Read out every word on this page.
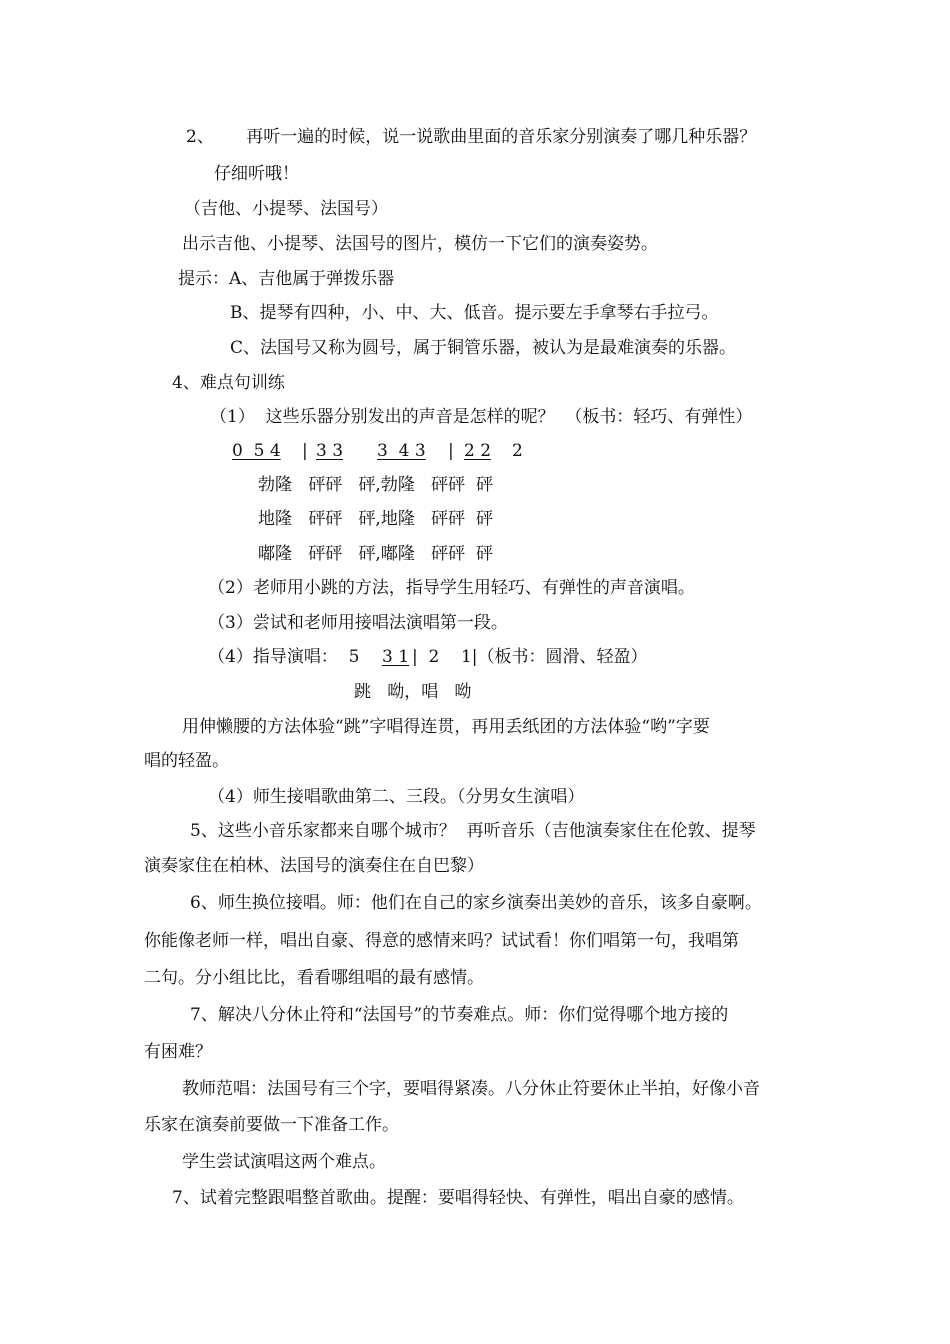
2、      再听一遍的时候，说一说歌曲里面的音乐家分别演奏了哪几种乐器？
仔细听哦！
（吉他、小提琴、法国号）
出示吉他、小提琴、法国号的图片，模仿一下它们的演奏姿势。
提示：A、吉他属于弹拨乐器
B、提琴有四种，小、中、大、低音。提示要左手拿琴右手拉弓。
C、法国号又称为圆号，属于铜管乐器，被认为是最难演奏的乐器。
4、难点句训练
（1）  这些乐器分别发出的声音是怎样的呢？  （板书：轻巧、有弹性）
0  5 4 | 3 3 3  4 3 | 2 2 2
勃隆   砰砰   砰,勃隆   砰砰  砰
地隆   砰砰   砰,地隆   砰砰  砰
嘟隆   砰砰   砰,嘟隆   砰砰  砰
（2）老师用小跳的方法，指导学生用轻巧、有弹性的声音演唱。
（3）尝试和老师用接唱法演唱第一段。
（4）指导演唱：  5 3 1 |  2    1|（板书：圆滑、轻盈）
跳   呦，唱   呦
用伸懒腰的方法体验“跳”字唱得连贯，再用丢纸团的方法体验“哟”字要
唱的轻盈。
（4）师生接唱歌曲第二、三段。（分男女生演唱）
5、这些小音乐家都来自哪个城市？  再听音乐（吉他演奏家住在伦敦、提琴
演奏家住在柏林、法国号的演奏住在自巴黎）
6、师生换位接唱。师：他们在自己的家乡演奏出美妙的音乐，该多自豪啊。
你能像老师一样，唱出自豪、得意的感情来吗？试试看！你们唱第一句，我唱第
二句。分小组比比，看看哪组唱的最有感情。
7、解决八分休止符和“法国号”的节奏难点。师：你们觉得哪个地方接的
有困难？
教师范唱：法国号有三个字，要唱得紧凑。八分休止符要休止半拍，好像小音
乐家在演奏前要做一下准备工作。
学生尝试演唱这两个难点。
7、试着完整跟唱整首歌曲。提醒：要唱得轻快、有弹性，唱出自豪的感情。
